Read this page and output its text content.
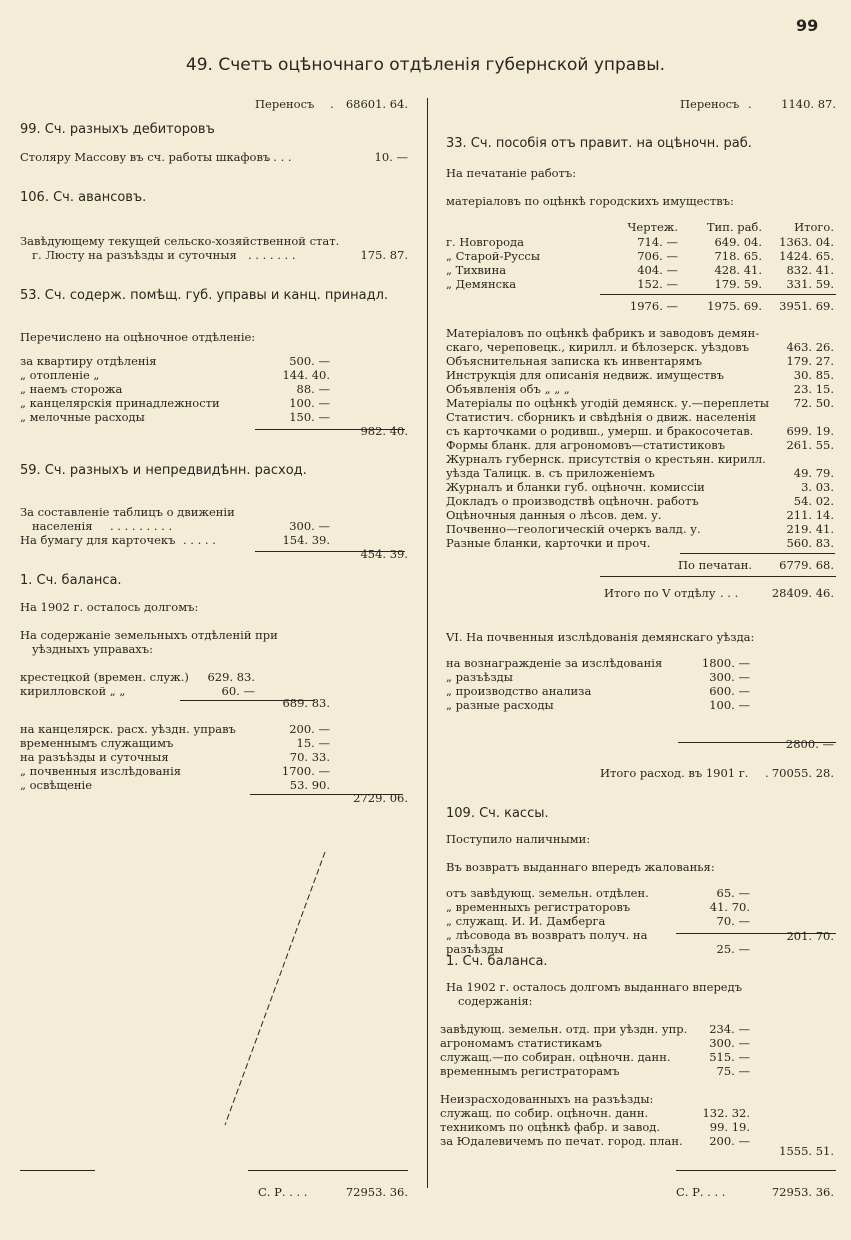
99
49. Счетъ оцѣночнаго отдѣленія губернской управы.
Переносъ .	68601. 64.
99. Сч. разныхъ дебиторовъ
Столяру Массову въ сч. работы шкафовъ
. . . .	10. —
106. Сч. авансовъ.
Завѣдующему текущей сельско-хозяйственной стат.
г. Люсту на разъѣзды и суточныя . . . . . . .	175. 87.
53. Сч. содерж. помѣщ. губ. управы и канц. принадл.
Перечислено на оцѣночное отдѣленіе:
за квартиру отдѣленія	500. —
„ отопленіе „	144. 40.
„ наемъ сторожа	88. —
„ канцелярскія принадлежности	100. —
„ мелочные расходы	150. —
982. 40.
59. Сч. разныхъ и непредвидѣнн. расход.
За составленіе таблицъ о движеніи
населенія . . . . . . . . .	300. —
На бумагу для карточекъ . . . . .	154. 39.
454. 39.
1. Сч. баланса.
На 1902 г. осталось долгомъ:
На содержаніе земельныхъ отдѣленій при
уѣздныхъ управахъ:
крестецкой (времен. служ.)	629. 83.
кирилловской „ „	60. —
689. 83.
на канцелярск. расх. уѣздн. управъ	200. —
временнымъ служащимъ	15. —
на разъѣзды и суточныя	70. 33.
„ почвенныя изслѣдованія	1700. —
„ освѣщеніе	53. 90.
2729. 06.
С. Р. . . .	72953. 36.
Переносъ .	1140. 87.
33. Сч. пособія отъ правит. на оцѣночн. раб.
На печатаніе работъ:
матеріаловъ по оцѣнкѣ городскихъ имуществъ:
Чертеж.	Тип. раб.	Итого.
г. Новгорода	714. —	649. 04.	1363. 04.
„ Старой-Руссы	706. —	718. 65.	1424. 65.
„ Тихвина	404. —	428. 41.	832. 41.
„ Демянска	152. —	179. 59.	331. 59.
1976. —	1975. 69.	3951. 69.
Матеріаловъ по оцѣнкѣ фабрикъ и заводовъ демян-
скаго, череповецк., кирилл. и бѣлозерск. уѣздовъ	463. 26.
Объяснительная записка къ инвентарямъ	179. 27.
Инструкція для описанія недвиж. имуществъ	30. 85.
Объявленія объ „ „ „	23. 15.
Матеріалы по оцѣнкѣ угодій демянск. у.—переплеты	72. 50.
Статистич. сборникъ и свѣдѣнія о движ. населенія
съ карточками о родивш., умерш. и бракосочетав.	699. 19.
Формы бланк. для агрономовъ—статистиковъ	261. 55.
Журналъ губернск. присутствія о крестьян. кирилл.
уѣзда Талицк. в. съ приложеніемъ	49. 79.
Журналъ и бланки губ. оцѣночн. комиссіи	3. 03.
Докладъ о производствѣ оцѣночн. работъ	54. 02.
Оцѣночныя данныя о лѣсов. дем. у.	211. 14.
Почвенно—геологическій очеркъ валд. у.	219. 41.
Разные бланки, карточки и проч.	560. 83.
По печатан.	6779. 68.
Итого по V отдѣлу . . .	28409. 46.
VI. На почвенныя изслѣдованія демянскаго уѣзда:
на вознагражденіе за изслѣдованія	1800. —
„ разъѣзды	300. —
„ производство анализа	600. —
„ разные расходы	100. —
2800. —
Итого расход. въ 1901 г. . 70055. 28.
109. Сч. кассы.
Поступило наличными:
Въ возвратъ выданнаго впередъ жалованья:
отъ завѣдующ. земельн. отдѣлен.	65. —
„ временныхъ регистраторовъ	41. 70.
„ служащ. И. И. Дамберга	70. —
„ лѣсовода въ возвратъ получ. на
разъѣзды	25. —
201. 70.
1. Сч. баланса.
На 1902 г. осталось долгомъ выданнаго впередъ
содержанія:
завѣдующ. земельн. отд. при уѣздн. упр.	234. —
агрономамъ статистикамъ	300. —
служащ.—по собиран. оцѣночн. данн.	515. —
временнымъ регистраторамъ	75. —
Неизрасходованныхъ на разъѣзды:
служащ. по собир. оцѣночн. данн.	132. 32.
техникомъ по оцѣнкѣ фабр. и завод.	99. 19.
за Юдалевичемъ по печат. город. план.	200. —
1555. 51.
С. Р. . . .	72953. 36.
